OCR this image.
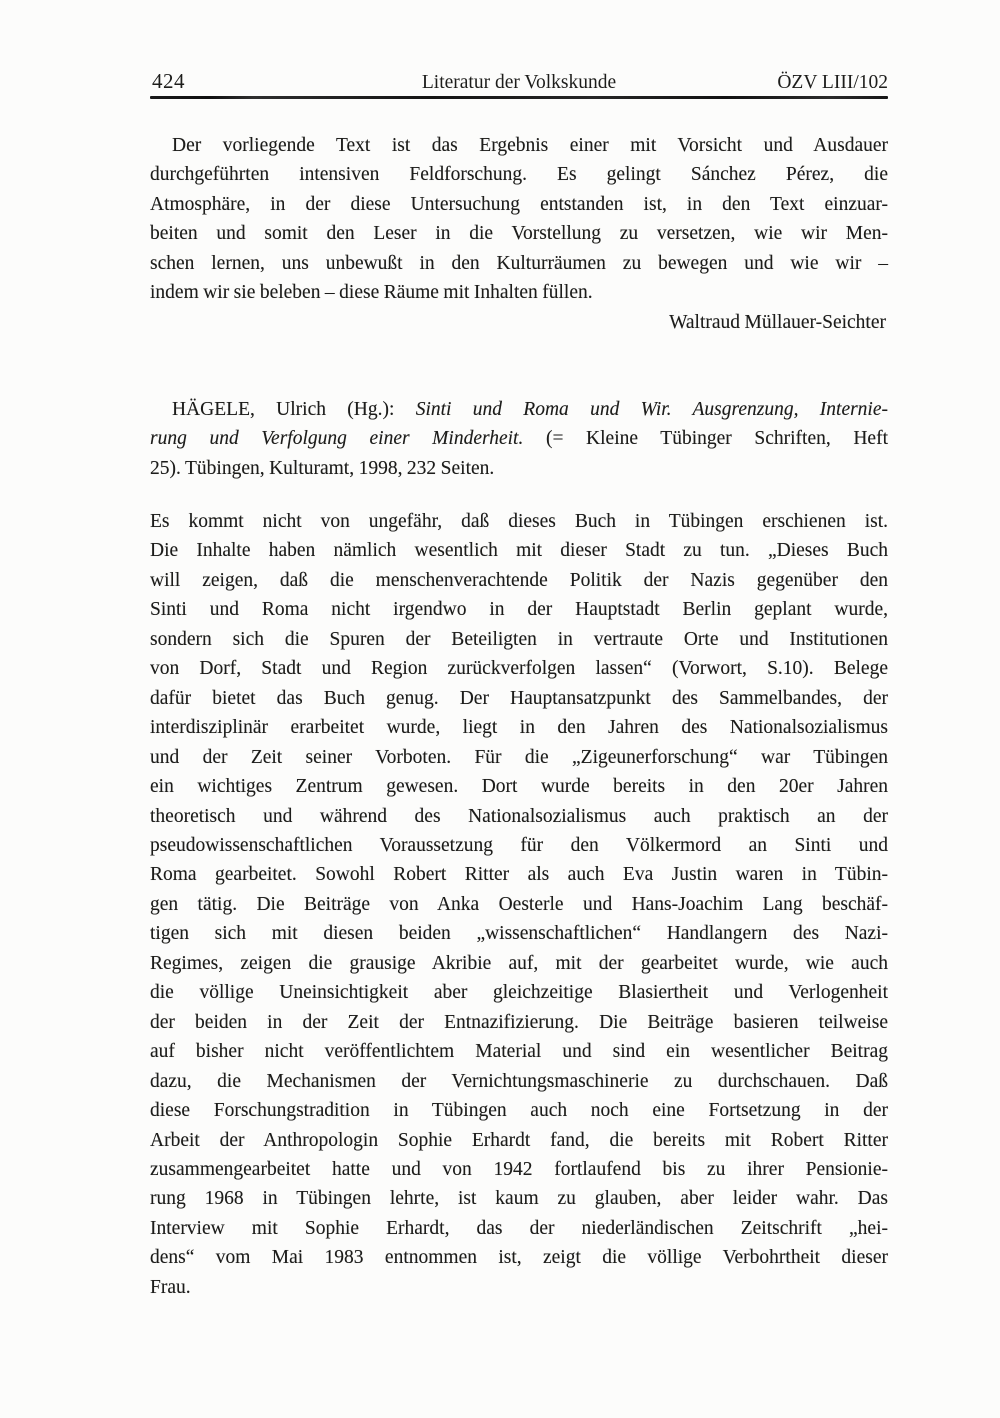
424	Literatur der Volkskunde	ÖZV LIII/102
Der vorliegende Text ist das Ergebnis einer mit Vorsicht und Ausdauer
durchgeführten intensiven Feldforschung. Es gelingt Sánchez Pérez, die
Atmosphäre, in der diese Untersuchung entstanden ist, in den Text einzuar-
beiten und somit den Leser in die Vorstellung zu versetzen, wie wir Men-
schen lernen, uns unbewußt in den Kulturräumen zu bewegen und wie wir –
indem wir sie beleben – diese Räume mit Inhalten füllen.
Waltraud Müllauer-Seichter
HÄGELE, Ulrich (Hg.): Sinti und Roma und Wir. Ausgrenzung, Internie-
rung und Verfolgung einer Minderheit. (= Kleine Tübinger Schriften, Heft
25). Tübingen, Kulturamt, 1998, 232 Seiten.
Es kommt nicht von ungefähr, daß dieses Buch in Tübingen erschienen ist.
Die Inhalte haben nämlich wesentlich mit dieser Stadt zu tun. „Dieses Buch
will zeigen, daß die menschenverachtende Politik der Nazis gegenüber den
Sinti und Roma nicht irgendwo in der Hauptstadt Berlin geplant wurde,
sondern sich die Spuren der Beteiligten in vertraute Orte und Institutionen
von Dorf, Stadt und Region zurückverfolgen lassen“ (Vorwort, S.10). Belege
dafür bietet das Buch genug. Der Hauptansatzpunkt des Sammelbandes, der
interdisziplinär erarbeitet wurde, liegt in den Jahren des Nationalsozialismus
und der Zeit seiner Vorboten. Für die „Zigeunerforschung“ war Tübingen
ein wichtiges Zentrum gewesen. Dort wurde bereits in den 20er Jahren
theoretisch und während des Nationalsozialismus auch praktisch an der
pseudowissenschaftlichen Voraussetzung für den Völkermord an Sinti und
Roma gearbeitet. Sowohl Robert Ritter als auch Eva Justin waren in Tübin-
gen tätig. Die Beiträge von Anka Oesterle und Hans-Joachim Lang beschäf-
tigen sich mit diesen beiden „wissenschaftlichen“ Handlangern des Nazi-
Regimes, zeigen die grausige Akribie auf, mit der gearbeitet wurde, wie auch
die völlige Uneinsichtigkeit aber gleichzeitige Blasiertheit und Verlogenheit
der beiden in der Zeit der Entnazifizierung. Die Beiträge basieren teilweise
auf bisher nicht veröffentlichtem Material und sind ein wesentlicher Beitrag
dazu, die Mechanismen der Vernichtungsmaschinerie zu durchschauen. Daß
diese Forschungstradition in Tübingen auch noch eine Fortsetzung in der
Arbeit der Anthropologin Sophie Erhardt fand, die bereits mit Robert Ritter
zusammengearbeitet hatte und von 1942 fortlaufend bis zu ihrer Pensionie-
rung 1968 in Tübingen lehrte, ist kaum zu glauben, aber leider wahr. Das
Interview mit Sophie Erhardt, das der niederländischen Zeitschrift „hei-
dens“ vom Mai 1983 entnommen ist, zeigt die völlige Verbohrtheit dieser
Frau.
